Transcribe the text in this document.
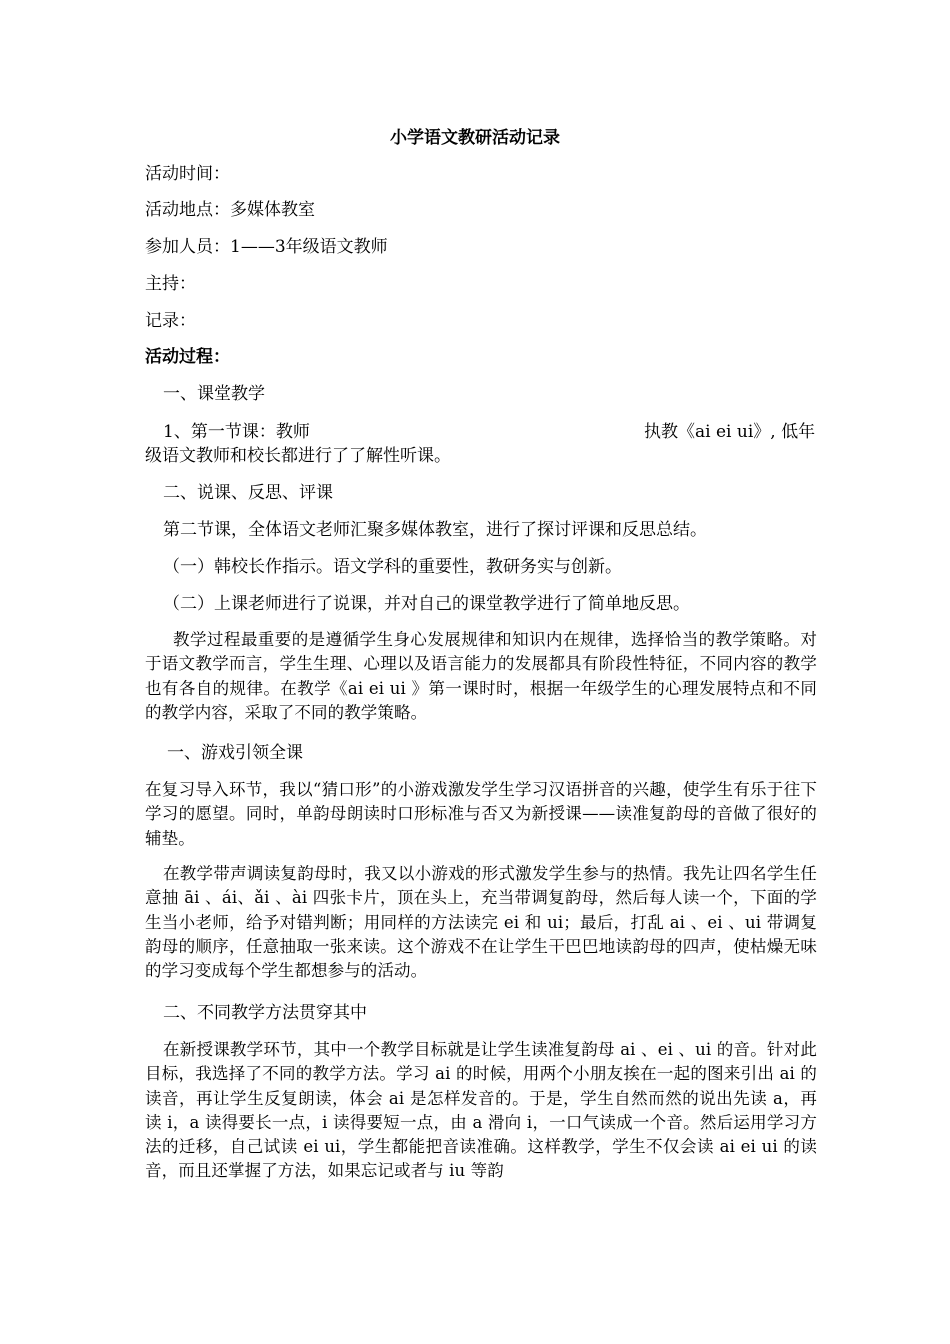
小学语文教研活动记录
活动时间：
活动地点：多媒体教室
参加人员：1——3年级语文教师
主持：
记录：
活动过程：
一、课堂教学
1、第一节课：教师	执教《ai ei ui》, 低年
级语文教师和校长都进行了了解性听课。
二、说课、反思、评课
第二节课，全体语文老师汇聚多媒体教室，进行了探讨评课和反思总结。
（一）韩校长作指示。语文学科的重要性，教研务实与创新。
（二）上课老师进行了说课，并对自己的课堂教学进行了简单地反思。
教学过程最重要的是遵循学生身心发展规律和知识内在规律，选择恰当的教学策略。对于语文教学而言，学生生理、心理以及语言能力的发展都具有阶段性特征，不同内容的教学也有各自的规律。在教学《ai ei ui 》第一课时时，根据一年级学生的心理发展特点和不同的教学内容，采取了不同的教学策略。
一、游戏引领全课
在复习导入环节，我以“猜口形”的小游戏激发学生学习汉语拼音的兴趣，使学生有乐于往下学习的愿望。同时，单韵母朗读时口形标准与否又为新授课——读准复韵母的音做了很好的辅垫。
在教学带声调读复韵母时，我又以小游戏的形式激发学生参与的热情。我先让四名学生任意抽 āi 、ái、ǎi 、ài 四张卡片，顶在头上，充当带调复韵母，然后每人读一个，下面的学生当小老师，给予对错判断；用同样的方法读完 ei 和 ui；最后，打乱 ai 、ei 、ui 带调复韵母的顺序，任意抽取一张来读。这个游戏不在让学生干巴巴地读韵母的四声，使枯燥无味的学习变成每个学生都想参与的活动。
二、不同教学方法贯穿其中
在新授课教学环节，其中一个教学目标就是让学生读准复韵母 ai 、ei 、ui 的音。针对此目标，我选择了不同的教学方法。学习 ai 的时候，用两个小朋友挨在一起的图来引出 ai 的读音，再让学生反复朗读，体会 ai 是怎样发音的。于是，学生自然而然的说出先读 a，再读 i，a 读得要长一点，i 读得要短一点，由 a 滑向 i，一口气读成一个音。然后运用学习方法的迁移，自己试读 ei ui，学生都能把音读准确。这样教学，学生不仅会读 ai ei ui 的读音，而且还掌握了方法，如果忘记或者与 iu 等韵
